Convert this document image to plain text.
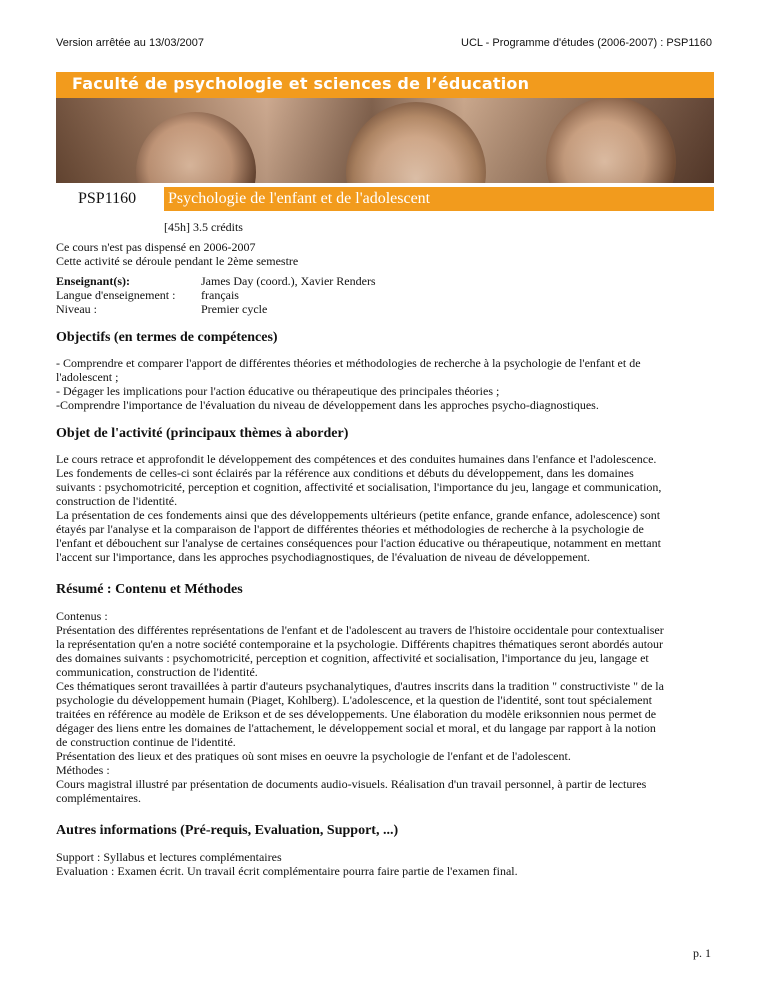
Version arrêtée au 13/03/2007	UCL - Programme d'études (2006-2007) : PSP1160
Faculté de psychologie et sciences de l’éducation
PSP1160 Psychologie de l'enfant et de l'adolescent
[45h] 3.5 crédits
Ce cours n'est pas dispensé en 2006-2007
Cette activité se déroule pendant le 2ème semestre
Enseignant(s):	James Day (coord.), Xavier Renders
Langue d'enseignement :	français
Niveau :	Premier cycle
Objectifs (en termes de compétences)
- Comprendre et comparer l'apport de différentes théories et méthodologies de recherche à la psychologie de l'enfant et de
l'adolescent ;
- Dégager les implications pour l'action éducative ou thérapeutique des principales théories ;
-Comprendre l'importance de l'évaluation du niveau de développement dans les approches psycho-diagnostiques.
Objet de l'activité (principaux thèmes à aborder)
Le cours retrace et approfondit le développement des compétences et des conduites humaines dans l'enfance et l'adolescence.
Les fondements de celles-ci sont éclairés par la référence aux conditions et débuts du développement, dans les domaines
suivants : psychomotricité, perception et cognition, affectivité et socialisation, l'importance du jeu, langage et communication,
construction de l'identité.
La présentation de ces fondements ainsi que des développements ultérieurs (petite enfance, grande enfance, adolescence) sont
étayés par l'analyse et la comparaison de l'apport de différentes théories et méthodologies de recherche à la psychologie de
l'enfant et débouchent sur l'analyse de certaines conséquences pour l'action éducative ou thérapeutique, notamment en mettant
l'accent sur l'importance, dans les approches psychodiagnostiques, de l'évaluation de niveau de développement.
Résumé : Contenu et Méthodes
Contenus :
Présentation des différentes représentations de l'enfant et de l'adolescent au travers de l'histoire occidentale pour contextualiser
la représentation qu'en a notre société contemporaine et la psychologie. Différents chapitres thématiques seront abordés autour
des domaines suivants : psychomotricité, perception et cognition, affectivité et socialisation, l'importance du jeu, langage et
communication, construction de l'identité.
Ces thématiques seront travaillées à partir d'auteurs psychanalytiques, d'autres inscrits dans la tradition " constructiviste " de la
psychologie du développement humain (Piaget, Kohlberg). L'adolescence, et la question de l'identité, sont tout spécialement
traitées en référence au modèle de Erikson et de ses développements. Une élaboration du modèle eriksonnien nous permet de
dégager des liens entre les domaines de l'attachement, le développement social et moral, et du langage par rapport à la notion
de construction continue de l'identité.
Présentation des lieux et des pratiques où sont mises en oeuvre la psychologie de l'enfant et de l'adolescent.
Méthodes :
Cours magistral illustré par présentation de documents audio-visuels. Réalisation d'un travail personnel, à partir de lectures
complémentaires.
Autres informations (Pré-requis, Evaluation, Support, ...)
Support : Syllabus et lectures complémentaires
Evaluation : Examen écrit. Un travail écrit complémentaire pourra faire partie de l'examen final.
p. 1
